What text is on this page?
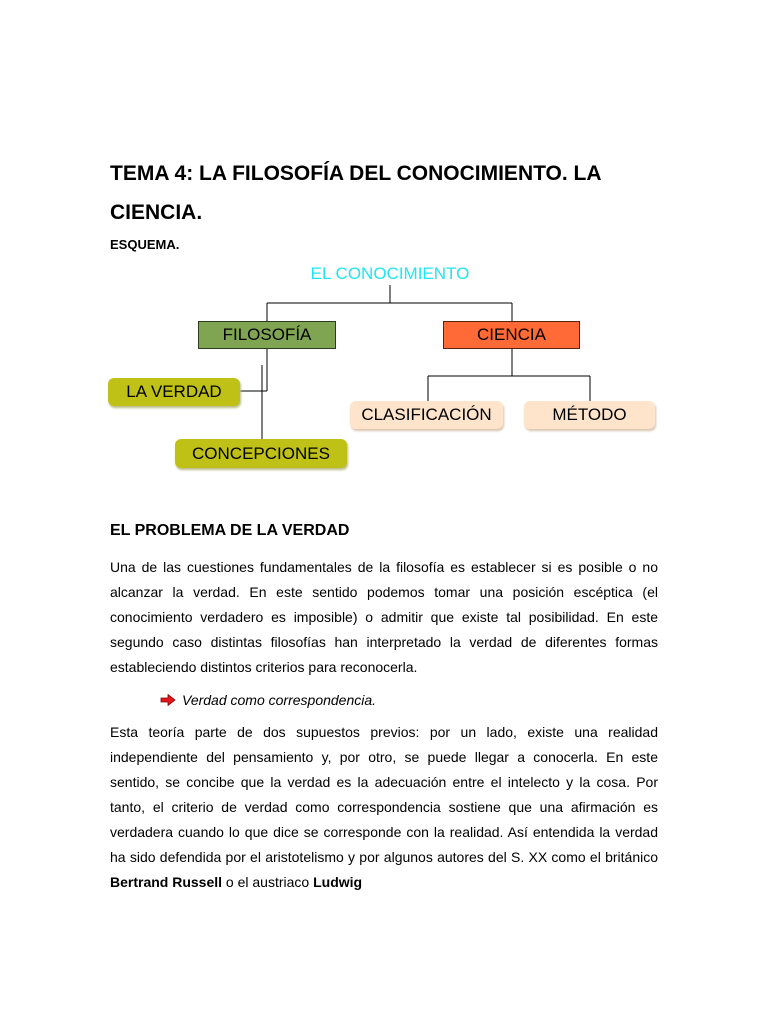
TEMA 4: LA FILOSOFÍA DEL CONOCIMIENTO. LA CIENCIA.
ESQUEMA.
EL CONOCIMIENTO
FILOSOFÍA	CIENCIA
LA VERDAD
CONCEPCIONES
CLASIFICACIÓN	MÉTODO
EL PROBLEMA DE LA VERDAD

Una de las cuestiones fundamentales de la filosofía es establecer si es posible o no alcanzar la verdad. En este sentido podemos tomar una posición escéptica (el conocimiento verdadero es imposible) o admitir que existe tal posibilidad. En este segundo caso distintas filosofías han interpretado la verdad de diferentes formas estableciendo distintos criterios para reconocerla.

Verdad como correspondencia.

Esta teoría parte de dos supuestos previos: por un lado, existe una realidad independiente del pensamiento y, por otro, se puede llegar a conocerla. En este sentido, se concibe que la verdad es la adecuación entre el intelecto y la cosa. Por tanto, el criterio de verdad como correspondencia sostiene que una afirmación es verdadera cuando lo que dice se corresponde con la realidad. Así entendida la verdad ha sido defendida por el aristotelismo y por algunos autores del S. XX como el británico Bertrand Russell o el austriaco Ludwig
